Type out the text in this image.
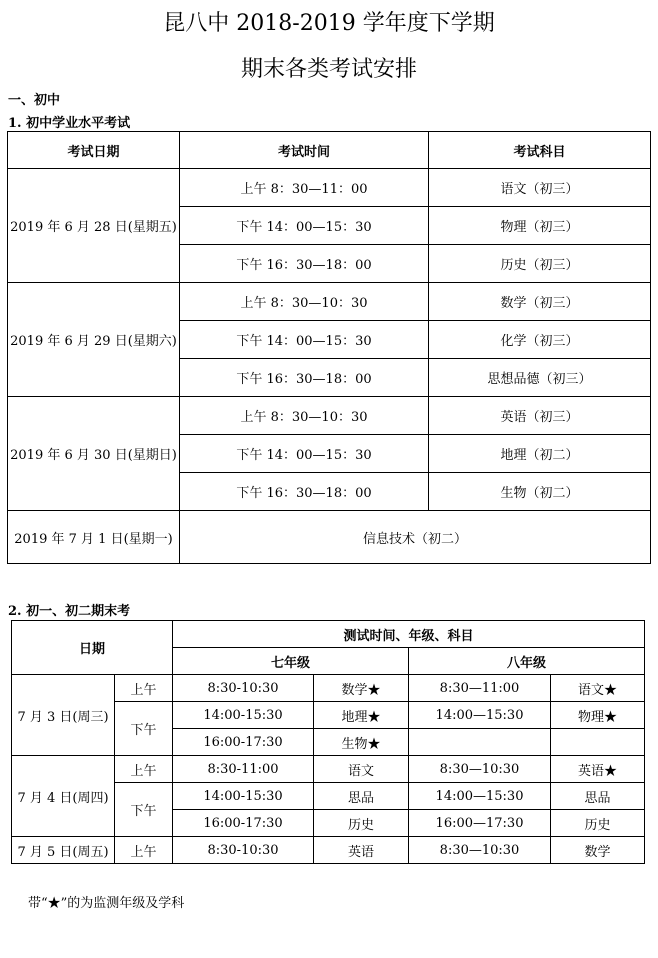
昆八中 2018-2019 学年度下学期
期末各类考试安排
一、初中
1. 初中学业水平考试
考试日期	考试时间	考试科目
2019 年 6 月 28 日(星期五)	上午 8：30—11：00	语文（初三）
	下午 14：00—15：30	物理（初三）
	下午 16：30—18：00	历史（初三）
2019 年 6 月 29 日(星期六)	上午 8：30—10：30	数学（初三）
	下午 14：00—15：30	化学（初三）
	下午 16：30—18：00	思想品德（初三）
2019 年 6 月 30 日(星期日)	上午 8：30—10：30	英语（初三）
	下午 14：00—15：30	地理（初二）
	下午 16：30—18：00	生物（初二）
2019 年 7 月 1 日(星期一)	信息技术（初二）	
2. 初一、初二期末考
日期		测试时间、年级、科目			
		七年级		八年级	
7 月 3 日(周三)	上午	8:30-10:30	数学★	8:30—11:00	语文★
	下午	14:00-15:30	地理★	14:00—15:30	物理★
		16:00-17:30	生物★		
7 月 4 日(周四)	上午	8:30-11:00	语文	8:30—10:30	英语★
	下午	14:00-15:30	思品	14:00—15:30	思品
		16:00-17:30	历史	16:00—17:30	历史
7 月 5 日(周五)	上午	8:30-10:30	英语	8:30—10:30	数学
带“★”的为监测年级及学科
